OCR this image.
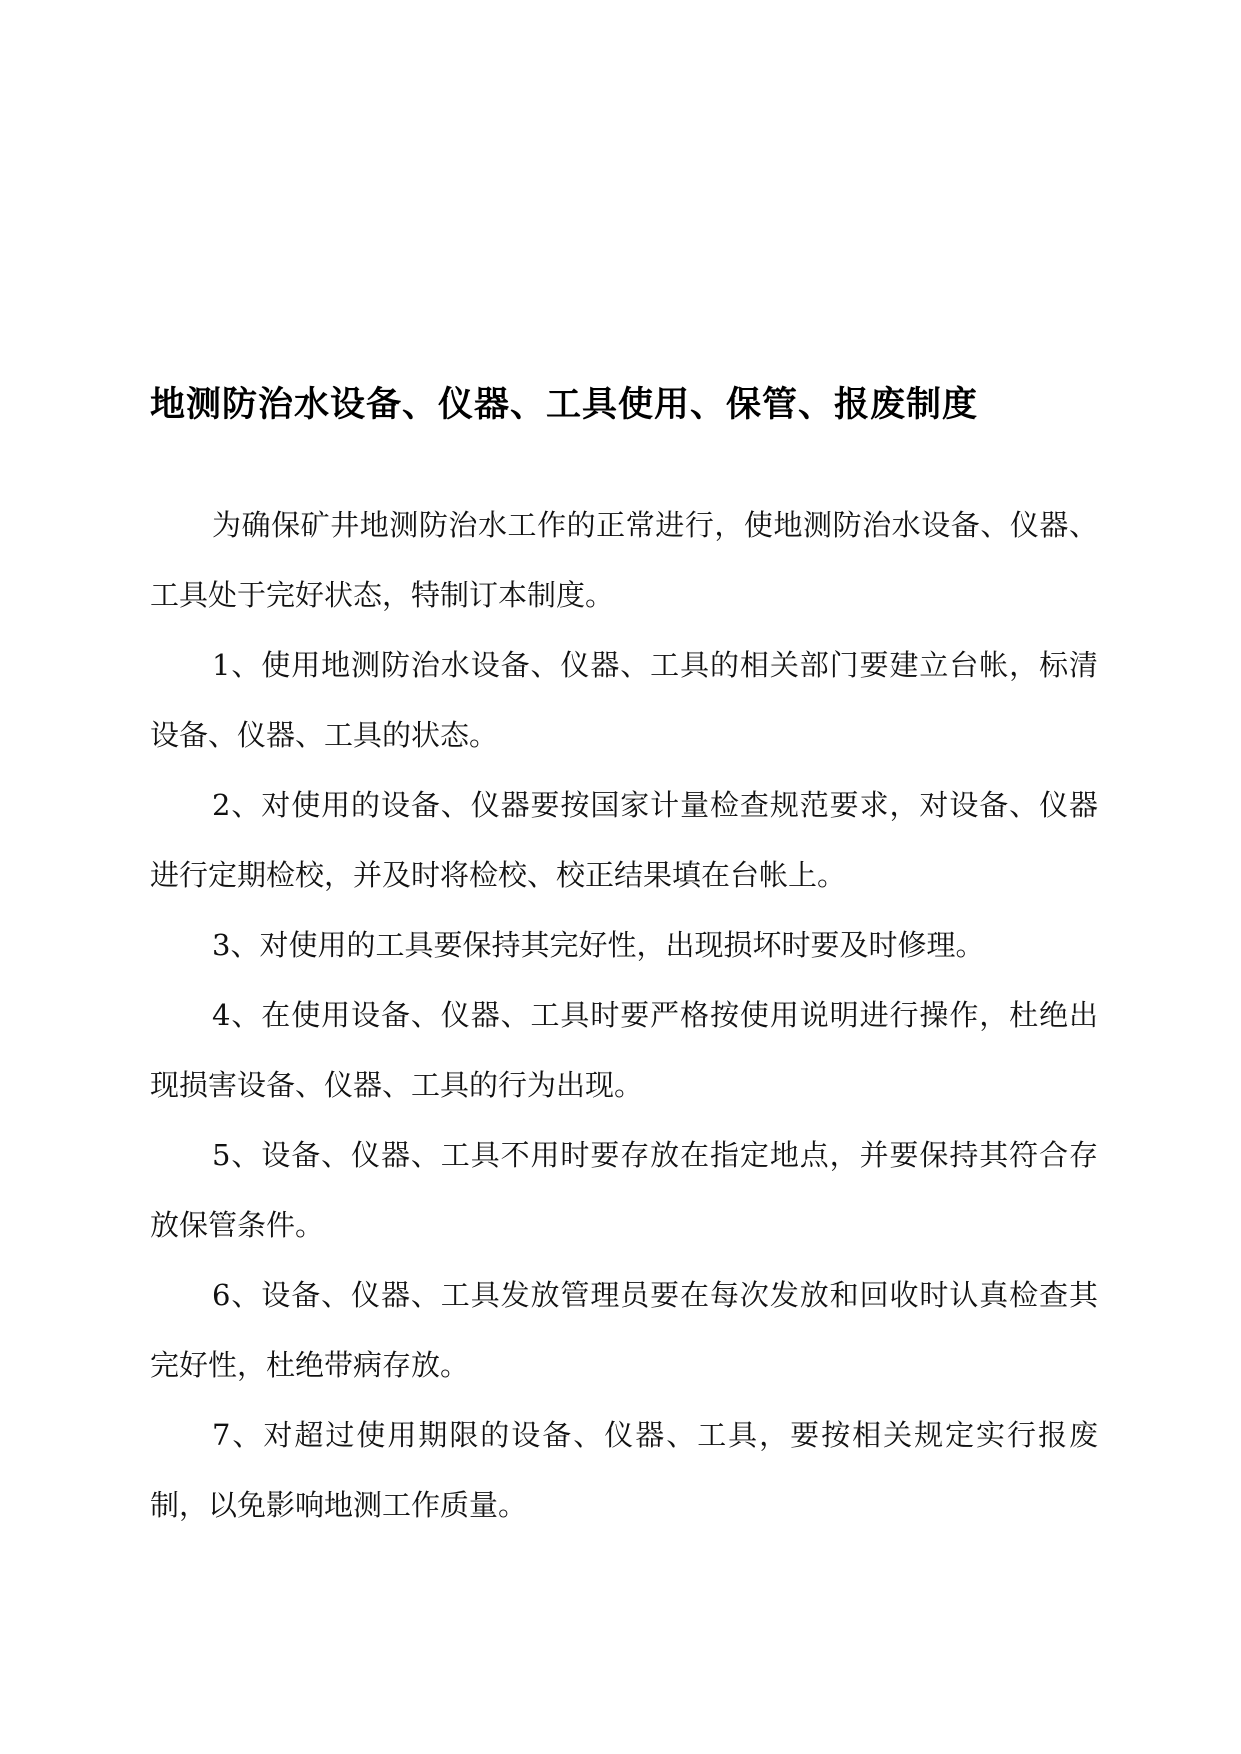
地测防治水设备、仪器、工具使用、保管、报废制度

为确保矿井地测防治水工作的正常进行，使地测防治水设备、仪器、工具处于完好状态，特制订本制度。

1、使用地测防治水设备、仪器、工具的相关部门要建立台帐，标清设备、仪器、工具的状态。

2、对使用的设备、仪器要按国家计量检查规范要求，对设备、仪器进行定期检校，并及时将检校、校正结果填在台帐上。

3、对使用的工具要保持其完好性，出现损坏时要及时修理。

4、在使用设备、仪器、工具时要严格按使用说明进行操作，杜绝出现损害设备、仪器、工具的行为出现。

5、设备、仪器、工具不用时要存放在指定地点，并要保持其符合存放保管条件。

6、设备、仪器、工具发放管理员要在每次发放和回收时认真检查其完好性，杜绝带病存放。

7、对超过使用期限的设备、仪器、工具，要按相关规定实行报废制，以免影响地测工作质量。
